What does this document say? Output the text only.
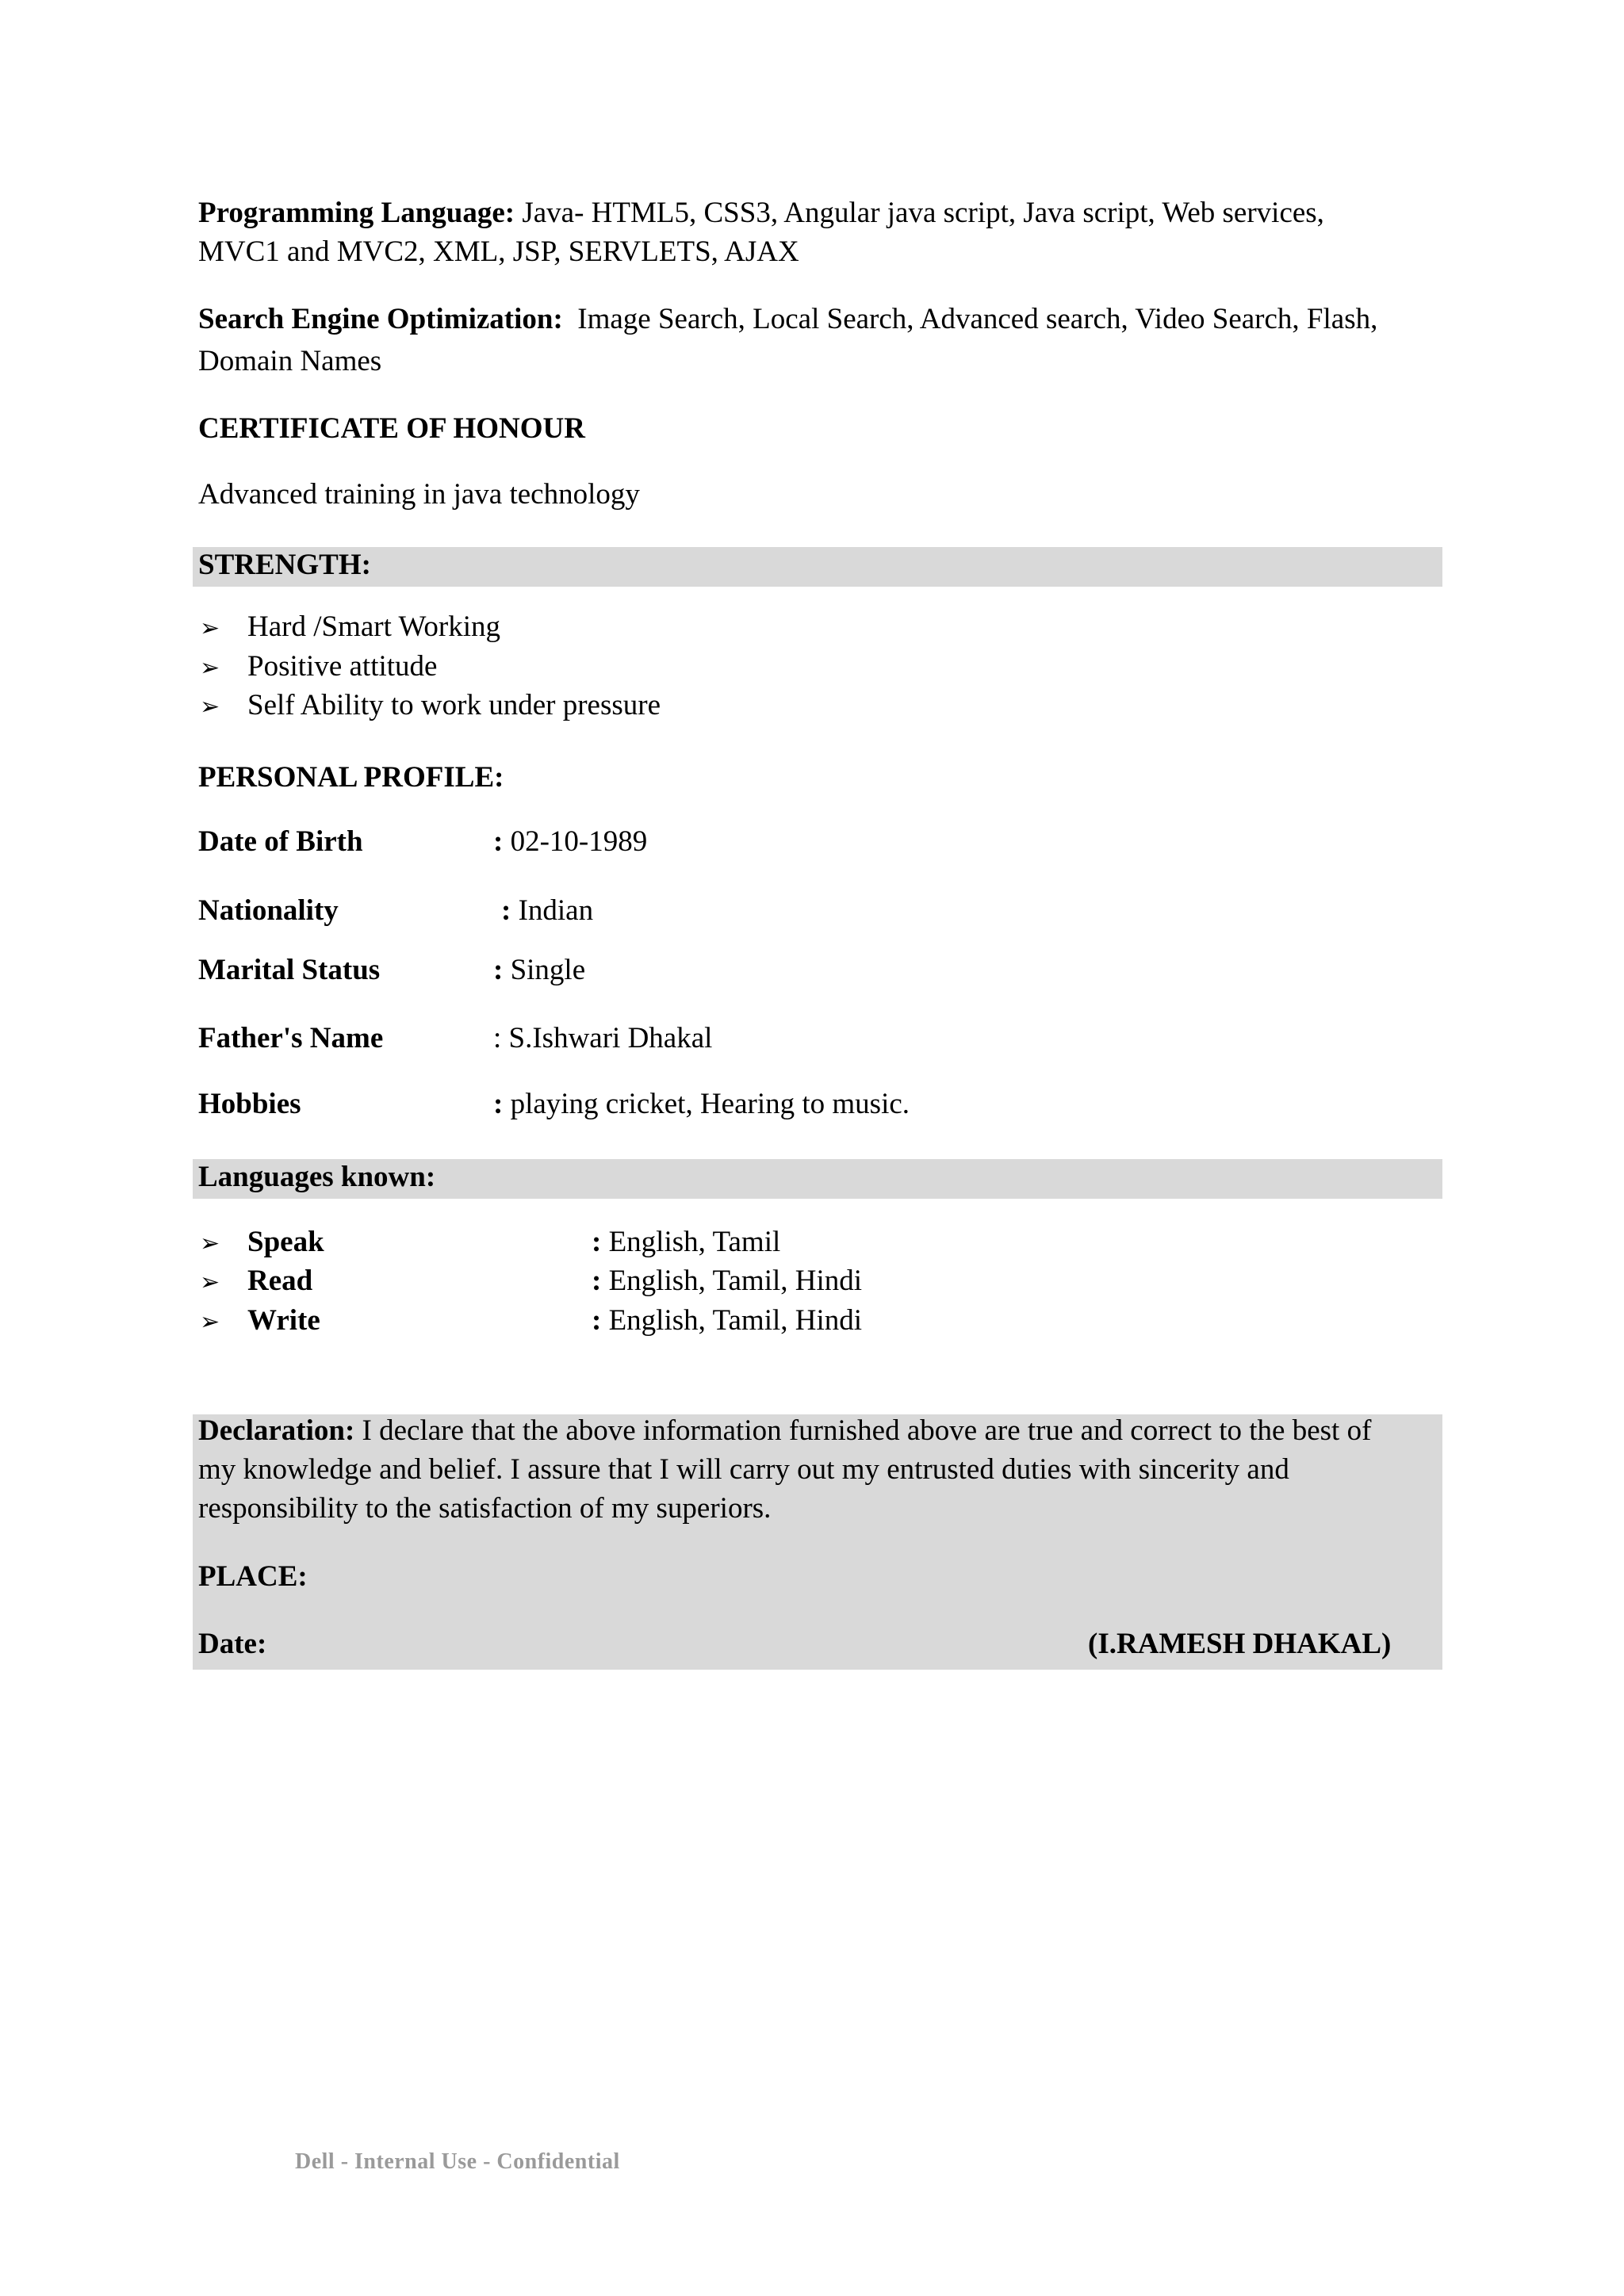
Programming Language: Java- HTML5, CSS3, Angular java script, Java script, Web services,
MVC1 and MVC2, XML, JSP, SERVLETS, AJAX
Search Engine Optimization: Image Search, Local Search, Advanced search, Video Search, Flash,
Domain Names
CERTIFICATE OF HONOUR
Advanced training in java technology
STRENGTH:
➢ Hard /Smart Working
➢ Positive attitude
➢ Self Ability to work under pressure
PERSONAL PROFILE:
Date of Birth	: 02-10-1989
Nationality	: Indian
Marital Status	: Single
Father's Name	: S.Ishwari Dhakal
Hobbies	: playing cricket, Hearing to music.
Languages known:
➢ Speak	: English, Tamil
➢ Read	: English, Tamil, Hindi
➢ Write	: English, Tamil, Hindi
Declaration: I declare that the above information furnished above are true and correct to the best of
my knowledge and belief. I assure that I will carry out my entrusted duties with sincerity and
responsibility to the satisfaction of my superiors.
PLACE:
Date:	(I.RAMESH DHAKAL)
Dell - Internal Use - Confidential
